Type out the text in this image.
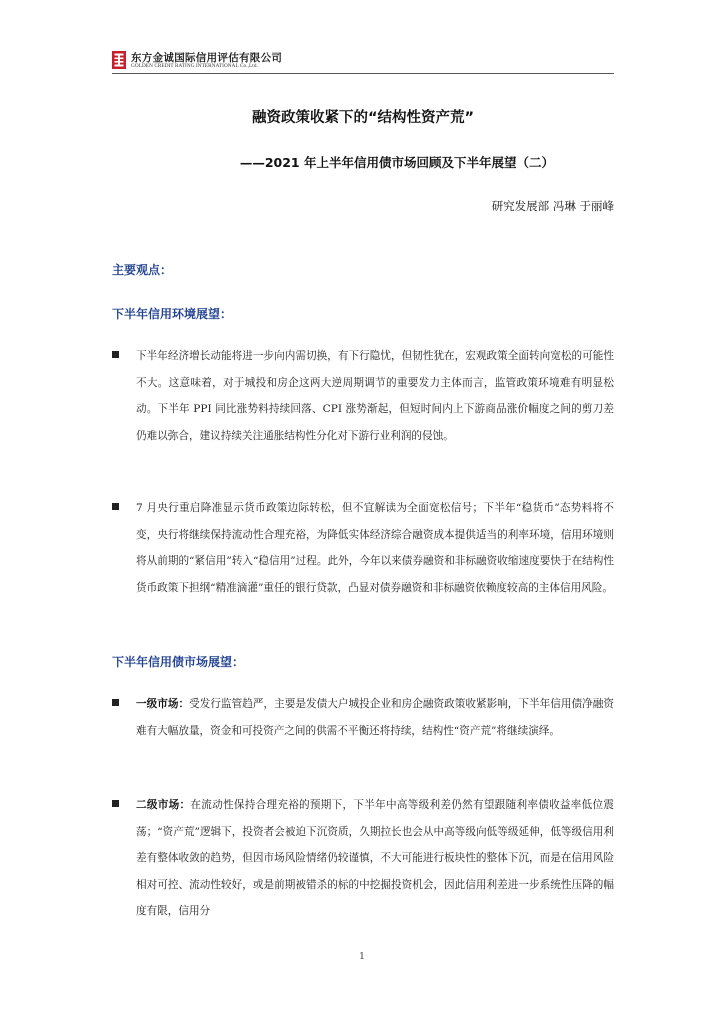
东方金诚国际信用评估有限公司
GOLDEN CREDIT RATING INTERNATIONAL Co.,Ltd.
融资政策收紧下的“结构性资产荒”
——2021 年上半年信用债市场回顾及下半年展望（二）
研究发展部 冯琳 于丽峰
主要观点：
下半年信用环境展望：

下半年经济增长动能将进一步向内需切换，有下行隐忧，但韧性犹在，宏观政策全面转向宽松的可能性不大。这意味着，对于城投和房企这两大逆周期调节的重要发力主体而言，监管政策环境难有明显松动。下半年 PPI 同比涨势料持续回落、CPI 涨势渐起，但短时间内上下游商品涨价幅度之间的剪刀差仍难以弥合，建议持续关注通胀结构性分化对下游行业利润的侵蚀。

7 月央行重启降准显示货币政策边际转松，但不宜解读为全面宽松信号；下半年“稳货币”态势料将不变，央行将继续保持流动性合理充裕，为降低实体经济综合融资成本提供适当的利率环境，信用环境则将从前期的“紧信用”转入“稳信用”过程。此外，今年以来债券融资和非标融资收缩速度要快于在结构性货币政策下担纲“精准滴灌”重任的银行贷款，凸显对债券融资和非标融资依赖度较高的主体信用风险。

下半年信用债市场展望：

一级市场：受发行监管趋严，主要是发债大户城投企业和房企融资政策收紧影响，下半年信用债净融资难有大幅放量，资金和可投资产之间的供需不平衡还将持续，结构性“资产荒”将继续演绎。

二级市场：在流动性保持合理充裕的预期下，下半年中高等级利差仍然有望跟随利率债收益率低位震荡；“资产荒”逻辑下，投资者会被迫下沉资质，久期拉长也会从中高等级向低等级延伸，低等级信用利差有整体收敛的趋势，但因市场风险情绪仍较谨慎，不大可能进行板块性的整体下沉，而是在信用风险相对可控、流动性较好，或是前期被错杀的标的中挖掘投资机会，因此信用利差进一步系统性压降的幅度有限，信用分

1
